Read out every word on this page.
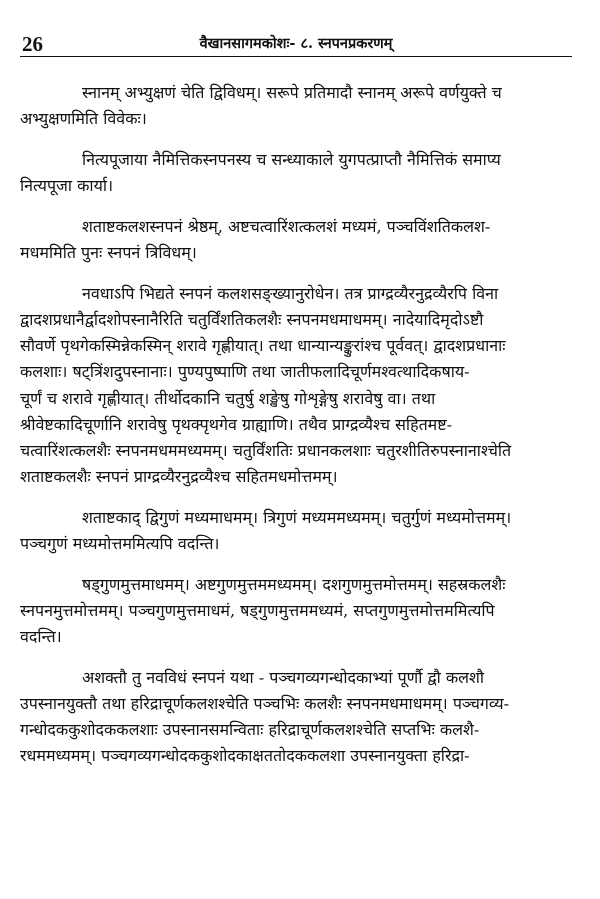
26	वैखानसागमकोशः- ८. स्नपनप्रकरणम्
स्नानम् अभ्युक्षणं चेति द्विविधम्। सरूपे प्रतिमादौ स्नानम् अरूपे वर्णयुक्ते च
अभ्युक्षणमिति विवेकः।
नित्यपूजाया नैमित्तिकस्नपनस्य च सन्ध्याकाले युगपत्प्राप्तौ नैमित्तिकं समाप्य
नित्यपूजा कार्या।
शताष्टकलशस्नपनं श्रेष्ठम्, अष्टचत्वारिंशत्कलशं मध्यमं, पञ्चविंशतिकलश-
मधममिति पुनः स्नपनं त्रिविधम्।
नवधाऽपि भिद्यते स्नपनं कलशसङ्ख्यानुरोधेन। तत्र प्राग्द्रव्यैरनुद्रव्यैरपि विना
द्वादशप्रधानैर्द्वादशोपस्नानैरिति चतुर्विंशतिकलशैः स्नपनमधमाधमम्। नादेयादिमृदोऽष्टौ
सौवर्णे पृथगेकस्मिन्नेकस्मिन् शरावे गृह्णीयात्। तथा धान्यान्यङ्कुरांश्च पूर्ववत्। द्वादशप्रधानाः
कलशाः। षट्त्रिंशदुपस्नानाः। पुण्यपुष्पाणि तथा जातीफलादिचूर्णमश्वत्थादिकषाय-
चूर्णं च शरावे गृह्णीयात्। तीर्थोदकानि चतुर्षु शङ्खेषु गोशृङ्गेषु शरावेषु वा। तथा
श्रीवेष्टकादिचूर्णानि शरावेषु पृथक्पृथगेव ग्राह्याणि। तथैव प्राग्द्रव्यैश्च सहितमष्ट-
चत्वारिंशत्कलशैः स्नपनमधममध्यमम्। चतुर्विंशतिः प्रधानकलशाः चतुरशीतिरुपस्नानाश्चेति
शताष्टकलशैः स्नपनं प्राग्द्रव्यैरनुद्रव्यैश्च सहितमधमोत्तमम्।
शताष्टकाद् द्विगुणं मध्यमाधमम्। त्रिगुणं मध्यममध्यमम्। चतुर्गुणं मध्यमोत्तमम्।
पञ्चगुणं मध्यमोत्तममित्यपि वदन्ति।
षड्गुणमुत्तमाधमम्। अष्टगुणमुत्तममध्यमम्। दशगुणमुत्तमोत्तमम्। सहस्रकलशैः
स्नपनमुत्तमोत्तमम्। पञ्चगुणमुत्तमाधमं, षड्गुणमुत्तममध्यमं, सप्तगुणमुत्तमोत्तममित्यपि
वदन्ति।
अशक्तौ तु नवविधं स्नपनं यथा - पञ्चगव्यगन्धोदकाभ्यां पूर्णौ द्वौ कलशौ
उपस्नानयुक्तौ तथा हरिद्राचूर्णकलशश्चेति पञ्चभिः कलशैः स्नपनमधमाधमम्। पञ्चगव्य-
गन्धोदककुशोदककलशाः उपस्नानसमन्विताः हरिद्राचूर्णकलशश्चेति सप्तभिः कलशै-
रधममध्यमम्। पञ्चगव्यगन्धोदककुशोदकाक्षततोदककलशा उपस्नानयुक्ता हरिद्रा-
